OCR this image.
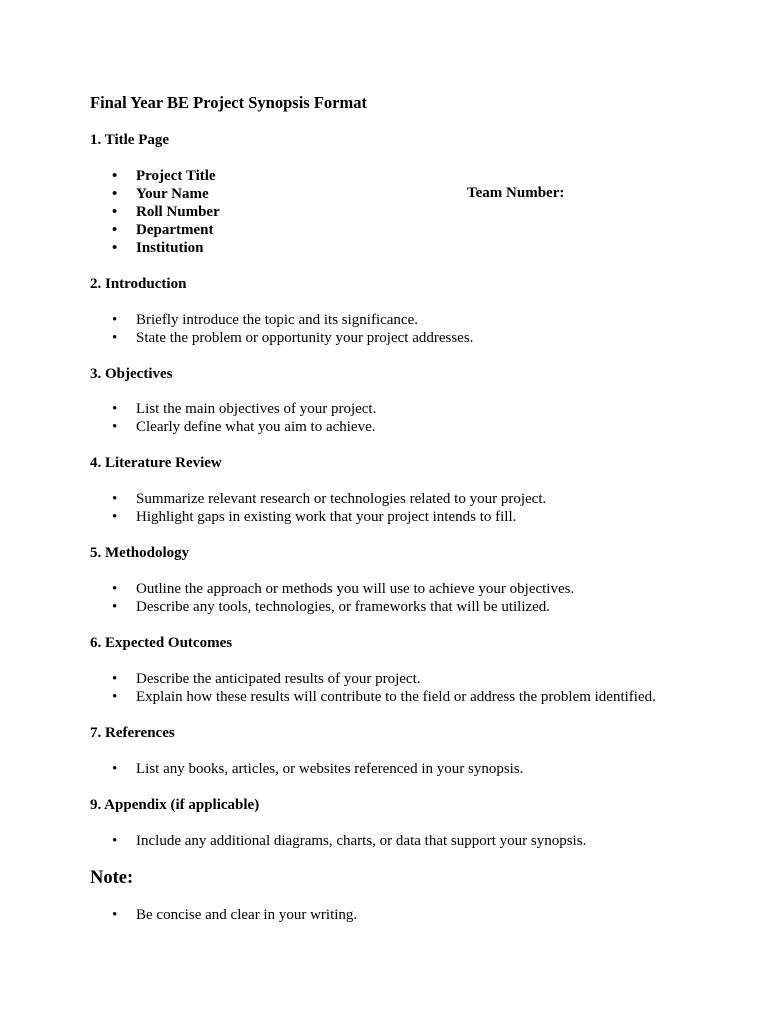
Final Year BE Project Synopsis Format
1. Title Page
• Project Title
• Your Name	Team Number:
• Roll Number
• Department
• Institution
2. Introduction
• Briefly introduce the topic and its significance.
• State the problem or opportunity your project addresses.
3. Objectives
• List the main objectives of your project.
• Clearly define what you aim to achieve.
4. Literature Review
• Summarize relevant research or technologies related to your project.
• Highlight gaps in existing work that your project intends to fill.
5. Methodology
• Outline the approach or methods you will use to achieve your objectives.
• Describe any tools, technologies, or frameworks that will be utilized.
6. Expected Outcomes
• Describe the anticipated results of your project.
• Explain how these results will contribute to the field or address the problem identified.
7. References
• List any books, articles, or websites referenced in your synopsis.
9. Appendix (if applicable)
• Include any additional diagrams, charts, or data that support your synopsis.
Note:
• Be concise and clear in your writing.
